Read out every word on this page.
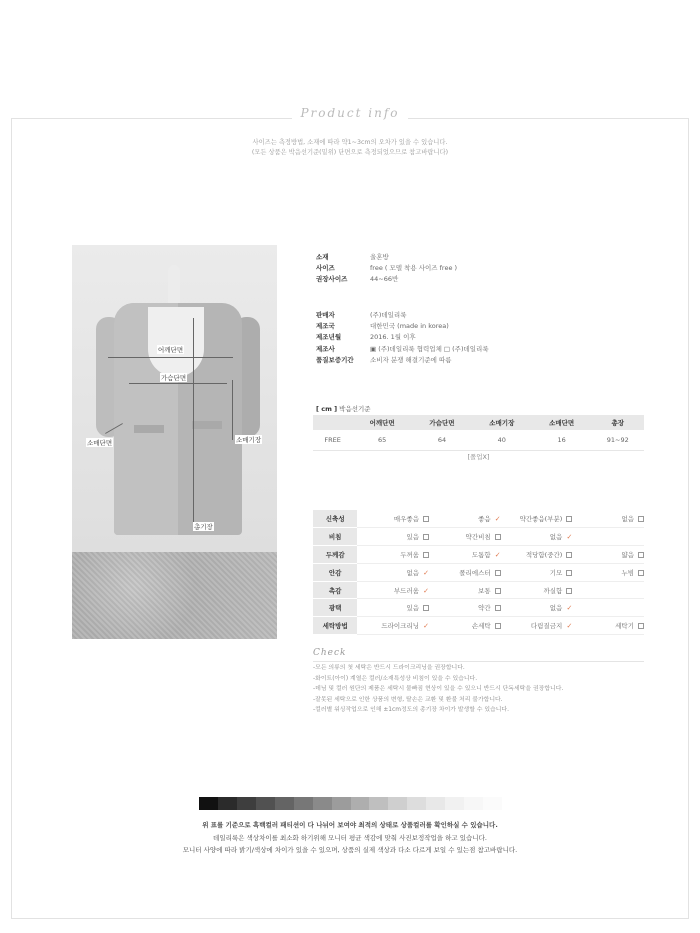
Product info
사이즈는 측정방법, 소재에 따라 약1~3cm의 오차가 있을 수 있습니다.
(모든 상품은 박음선기준(밑위) 단면으로 측정되었으므로 참고바랍니다)
어깨단면
가슴단면
총기장
소매단면	소매기장
소재	울혼방
사이즈	free ( 모델 착용 사이즈 free )
권장사이즈	44~66반
판매자	(주)데일리룩
제조국	대한민국 (made in korea)
제조년월	2016. 1월 이후
제조사	▣ (주)데일리룩 협력업체 □ (주)데일리룩
품질보증기간	소비자 분쟁 해결기준에 따름
[ cm ] 박음선기준
	어깨단면	가슴단면	소매기장	소매단면	총장
FREE	65	64	40	16	91~92
[폴업X]
신축성	매우좋음	좋음 ✓	약간좋음(부분)	없음
비침	있음	약간비침	없음 ✓	
두께감	두꺼움	도톰함 ✓	적당함(중간)	얇음
안감	없음 ✓	폴리에스터	기모	누빔
촉감	부드러움 ✓	보통	까실함	
광택	있음	약간	없음 ✓	
세탁방법	드라이크리닝 ✓	손세탁	다림질금지 ✓	세탁기
Check
-모든 의류의 첫 세탁은 반드시 드라이크리닝을 권장합니다.
-화이트(아이) 계열은 컬러/소재특성상 비침이 있을 수 있습니다.
-데님 및 컬러 원단의 제품은 세탁시 물빠짐 현상이 있을 수 있으니 반드시 단독세탁을 권장합니다.
-잘못된 세탁으로 인한 상품의 변형, 탈손은 교환 및 환불 처리 불가합니다.
-컬러별 워싱작업으로 인해 ±1cm정도의 총기장 차이가 발생할 수 있습니다.
위 표를 기준으로 흑백컬러 패티션이 다 나뉘어 보여야 최적의 상태로 상품컬러를 확인하실 수 있습니다.
데일리룩은 색상차이를 최소화 하기위해 모니터 평균 색감에 맞춰 사진보정작업을 하고 있습니다.
모니터 사양에 따라 밝기/색상에 차이가 있을 수 있으며, 상품의 실제 색상과 다소 다르게 보일 수 있는점 참고바랍니다.
